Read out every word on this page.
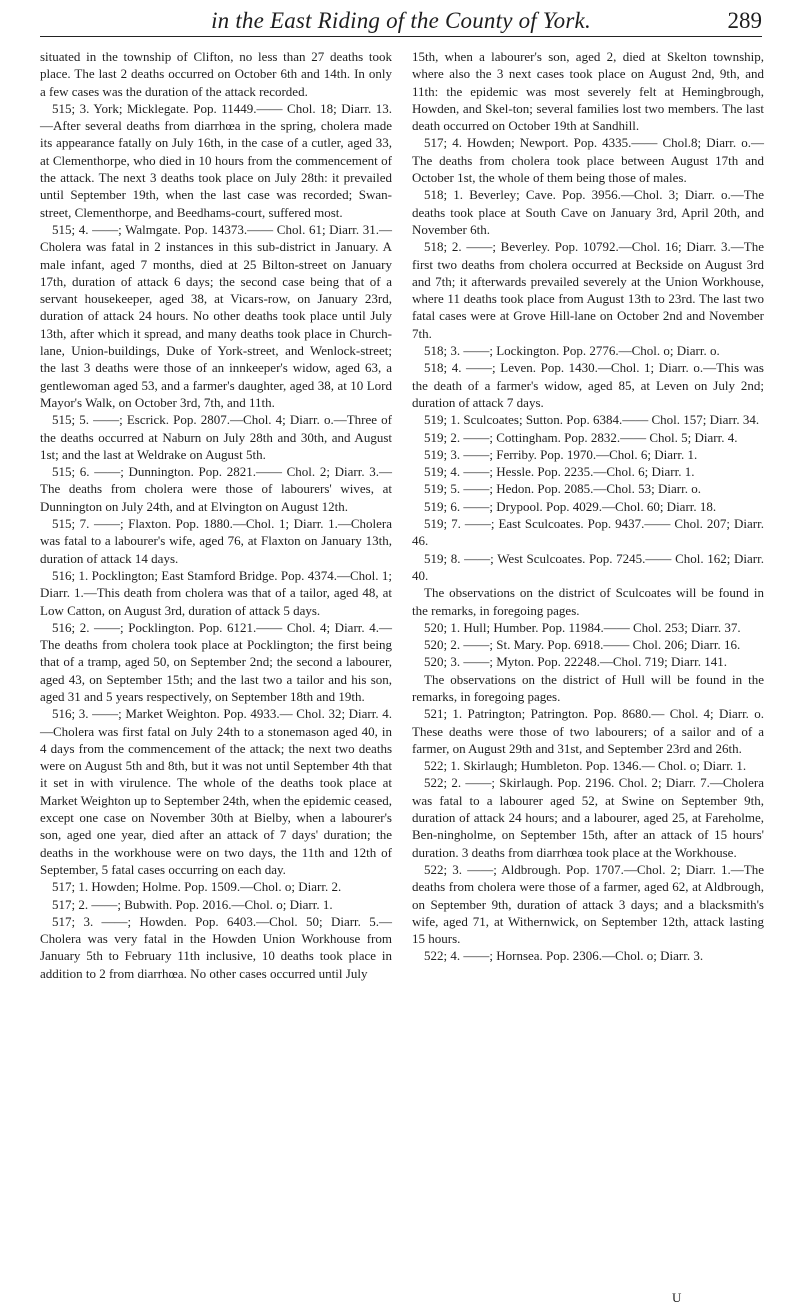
in the East Riding of the County of York.	289

situated in the township of Clifton, no less than 27 deaths took place. The last 2 deaths occurred on October 6th and 14th. In only a few cases was the duration of the attack recorded.

515; 3. York; Micklegate. Pop. 11449.—— Chol. 18; Diarr. 13.—After several deaths from diarrhœa in the spring, cholera made its appearance fatally on July 16th, in the case of a cutler, aged 33, at Clementhorpe, who died in 10 hours from the commencement of the attack. The next 3 deaths took place on July 28th: it prevailed until September 19th, when the last case was recorded; Swan-street, Clementhorpe, and Beedhams-court, suffered most.

515; 4. ——; Walmgate. Pop. 14373.—— Chol. 61; Diarr. 31.—Cholera was fatal in 2 instances in this sub-district in January. A male infant, aged 7 months, died at 25 Bilton-street on January 17th, duration of attack 6 days; the second case being that of a servant housekeeper, aged 38, at Vicars-row, on January 23rd, duration of attack 24 hours. No other deaths took place until July 13th, after which it spread, and many deaths took place in Church-lane, Union-buildings, Duke of York-street, and Wenlock-street; the last 3 deaths were those of an innkeeper's widow, aged 63, a gentlewoman aged 53, and a farmer's daughter, aged 38, at 10 Lord Mayor's Walk, on October 3rd, 7th, and 11th.

515; 5. ——; Escrick. Pop. 2807.—Chol. 4; Diarr. o.—Three of the deaths occurred at Naburn on July 28th and 30th, and August 1st; and the last at Weldrake on August 5th.

515; 6. ——; Dunnington. Pop. 2821.—— Chol. 2; Diarr. 3.—The deaths from cholera were those of labourers' wives, at Dunnington on July 24th, and at Elvington on August 12th.

515; 7. ——; Flaxton. Pop. 1880.—Chol. 1; Diarr. 1.—Cholera was fatal to a labourer's wife, aged 76, at Flaxton on January 13th, duration of attack 14 days.

516; 1. Pocklington; East Stamford Bridge. Pop. 4374.—Chol. 1; Diarr. 1.—This death from cholera was that of a tailor, aged 48, at Low Catton, on August 3rd, duration of attack 5 days.

516; 2. ——; Pocklington. Pop. 6121.—— Chol. 4; Diarr. 4.—The deaths from cholera took place at Pocklington; the first being that of a tramp, aged 50, on September 2nd; the second a labourer, aged 43, on September 15th; and the last two a tailor and his son, aged 31 and 5 years respectively, on September 18th and 19th.

516; 3. ——; Market Weighton. Pop. 4933.— Chol. 32; Diarr. 4.—Cholera was first fatal on July 24th to a stonemason aged 40, in 4 days from the commencement of the attack; the next two deaths were on August 5th and 8th, but it was not until September 4th that it set in with virulence. The whole of the deaths took place at Market Weighton up to September 24th, when the epidemic ceased, except one case on November 30th at Bielby, when a labourer's son, aged one year, died after an attack of 7 days' duration; the deaths in the workhouse were on two days, the 11th and 12th of September, 5 fatal cases occurring on each day.

517; 1. Howden; Holme. Pop. 1509.—Chol. o; Diarr. 2.

517; 2. ——; Bubwith. Pop. 2016.—Chol. o; Diarr. 1.

517; 3. ——; Howden. Pop. 6403.—Chol. 50; Diarr. 5.—Cholera was very fatal in the Howden Union Workhouse from January 5th to February 11th inclusive, 10 deaths took place in addition to 2 from diarrhœa. No other cases occurred until July

15th, when a labourer's son, aged 2, died at Skelton township, where also the 3 next cases took place on August 2nd, 9th, and 11th: the epidemic was most severely felt at Hemingbrough, Howden, and Skel-ton; several families lost two members. The last death occurred on October 19th at Sandhill.

517; 4. Howden; Newport. Pop. 4335.—— Chol.8; Diarr. o.—The deaths from cholera took place between August 17th and October 1st, the whole of them being those of males.

518; 1. Beverley; Cave. Pop. 3956.—Chol. 3; Diarr. o.—The deaths took place at South Cave on January 3rd, April 20th, and November 6th.

518; 2. ——; Beverley. Pop. 10792.—Chol. 16; Diarr. 3.—The first two deaths from cholera occurred at Beckside on August 3rd and 7th; it afterwards prevailed severely at the Union Workhouse, where 11 deaths took place from August 13th to 23rd. The last two fatal cases were at Grove Hill-lane on October 2nd and November 7th.

518; 3. ——; Lockington. Pop. 2776.—Chol. o; Diarr. o.

518; 4. ——; Leven. Pop. 1430.—Chol. 1; Diarr. o.—This was the death of a farmer's widow, aged 85, at Leven on July 2nd; duration of attack 7 days.

519; 1. Sculcoates; Sutton. Pop. 6384.—— Chol. 157; Diarr. 34.

519; 2. ——; Cottingham. Pop. 2832.—— Chol. 5; Diarr. 4.

519; 3. ——; Ferriby. Pop. 1970.—Chol. 6; Diarr. 1.

519; 4. ——; Hessle. Pop. 2235.—Chol. 6; Diarr. 1.

519; 5. ——; Hedon. Pop. 2085.—Chol. 53; Diarr. o.

519; 6. ——; Drypool. Pop. 4029.—Chol. 60; Diarr. 18.

519; 7. ——; East Sculcoates. Pop. 9437.—— Chol. 207; Diarr. 46.

519; 8. ——; West Sculcoates. Pop. 7245.—— Chol. 162; Diarr. 40.

The observations on the district of Sculcoates will be found in the remarks, in foregoing pages.

520; 1. Hull; Humber. Pop. 11984.—— Chol. 253; Diarr. 37.

520; 2. ——; St. Mary. Pop. 6918.—— Chol. 206; Diarr. 16.

520; 3. ——; Myton. Pop. 22248.—Chol. 719; Diarr. 141.

The observations on the district of Hull will be found in the remarks, in foregoing pages.

521; 1. Patrington; Patrington. Pop. 8680.— Chol. 4; Diarr. o. These deaths were those of two labourers; of a sailor and of a farmer, on August 29th and 31st, and September 23rd and 26th.

522; 1. Skirlaugh; Humbleton. Pop. 1346.— Chol. o; Diarr. 1.

522; 2. ——; Skirlaugh. Pop. 2196. Chol. 2; Diarr. 7.—Cholera was fatal to a labourer aged 52, at Swine on September 9th, duration of attack 24 hours; and a labourer, aged 25, at Fareholme, Ben-ningholme, on September 15th, after an attack of 15 hours' duration. 3 deaths from diarrhœa took place at the Workhouse.

522; 3. ——; Aldbrough. Pop. 1707.—Chol. 2; Diarr. 1.—The deaths from cholera were those of a farmer, aged 62, at Aldbrough, on September 9th, duration of attack 3 days; and a blacksmith's wife, aged 71, at Withernwick, on September 12th, attack lasting 15 hours.

522; 4. ——; Hornsea. Pop. 2306.—Chol. o; Diarr. 3.

U
